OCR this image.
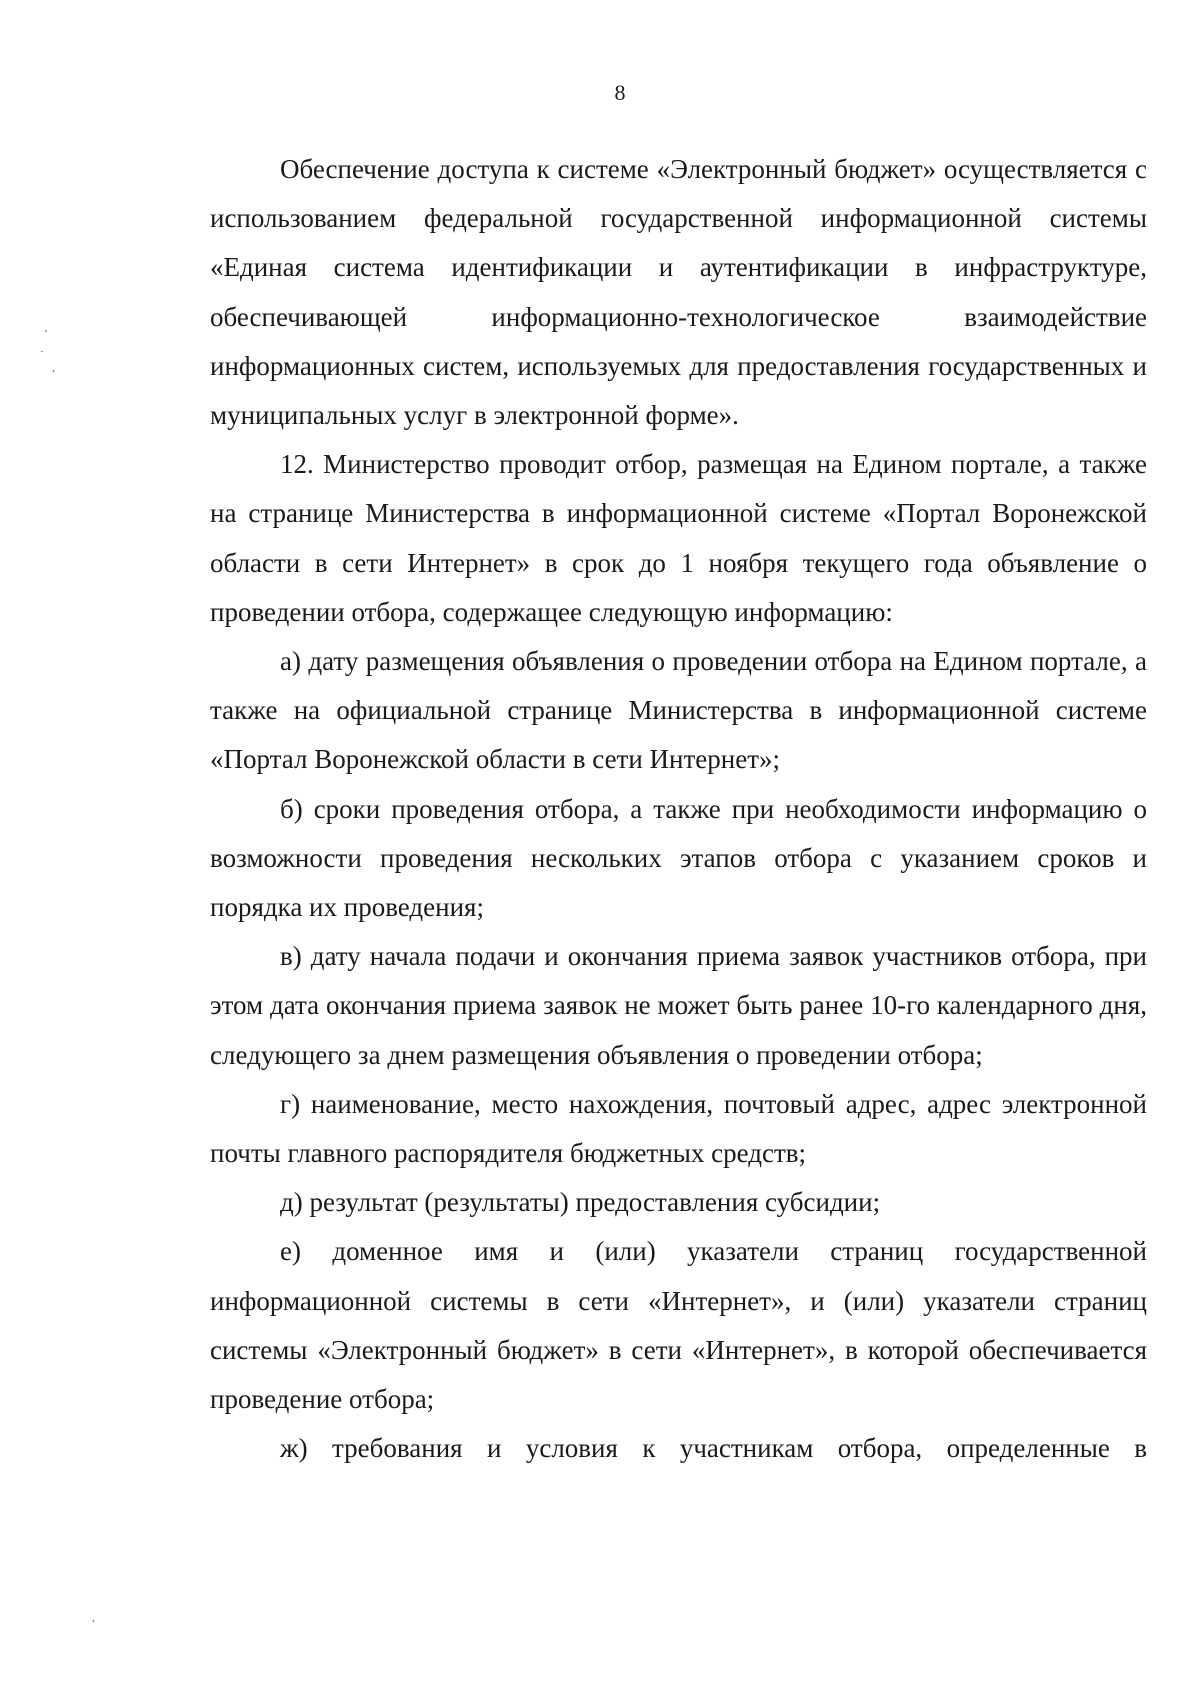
8

Обеспечение доступа к системе «Электронный бюджет» осуществляется с использованием федеральной государственной информационной системы «Единая система идентификации и аутентификации в инфраструктуре, обеспечивающей информационно-технологическое взаимодействие информационных систем, используемых для предоставления государственных и муниципальных услуг в электронной форме».

12. Министерство проводит отбор, размещая на Едином портале, а также на странице Министерства в информационной системе «Портал Воронежской области в сети Интернет» в срок до 1 ноября текущего года объявление о проведении отбора, содержащее следующую информацию:

а) дату размещения объявления о проведении отбора на Едином портале, а также на официальной странице Министерства в информационной системе «Портал Воронежской области в сети Интернет»;

б) сроки проведения отбора, а также при необходимости информацию о возможности проведения нескольких этапов отбора с указанием сроков и порядка их проведения;

в) дату начала подачи и окончания приема заявок участников отбора, при этом дата окончания приема заявок не может быть ранее 10-го календарного дня, следующего за днем размещения объявления о проведении отбора;

г) наименование, место нахождения, почтовый адрес, адрес электронной почты главного распорядителя бюджетных средств;

д) результат (результаты) предоставления субсидии;

е) доменное имя и (или) указатели страниц государственной информационной системы в сети «Интернет», и (или) указатели страниц системы «Электронный бюджет» в сети «Интернет», в которой обеспечивается проведение отбора;

ж) требования и условия к участникам отбора, определенные в

ʼ
·
,
,
